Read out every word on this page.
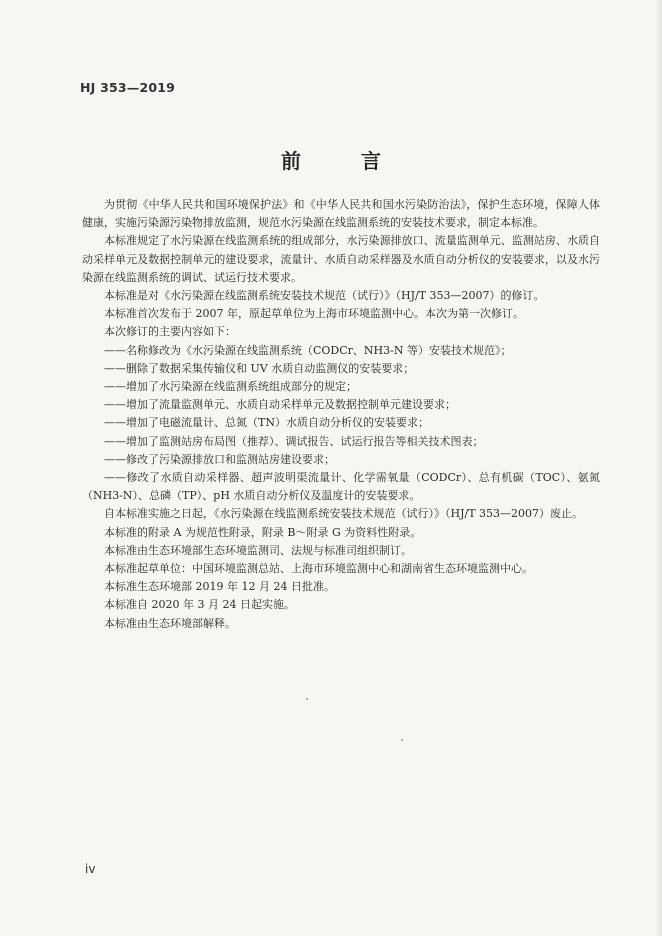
HJ 353—2019
前　言

为贯彻《中华人民共和国环境保护法》和《中华人民共和国水污染防治法》，保护生态环境，保障人体健康，实施污染源污染物排放监测，规范水污染源在线监测系统的安装技术要求，制定本标准。

本标准规定了水污染源在线监测系统的组成部分，水污染源排放口、流量监测单元、监测站房、水质自动采样单元及数据控制单元的建设要求，流量计、水质自动采样器及水质自动分析仪的安装要求，以及水污染源在线监测系统的调试、试运行技术要求。

本标准是对《水污染源在线监测系统安装技术规范（试行）》（HJ/T 353—2007）的修订。

本标准首次发布于 2007 年，原起草单位为上海市环境监测中心。本次为第一次修订。

本次修订的主要内容如下：

——名称修改为《水污染源在线监测系统（CODCr、NH3-N 等）安装技术规范》；

——删除了数据采集传输仪和 UV 水质自动监测仪的安装要求；

——增加了水污染源在线监测系统组成部分的规定；

——增加了流量监测单元、水质自动采样单元及数据控制单元建设要求；

——增加了电磁流量计、总氮（TN）水质自动分析仪的安装要求；

——增加了监测站房布局图（推荐）、调试报告、试运行报告等相关技术图表；

——修改了污染源排放口和监测站房建设要求；

——修改了水质自动采样器、超声波明渠流量计、化学需氧量（CODCr）、总有机碳（TOC）、氨氮（NH3-N）、总磷（TP）、pH 水质自动分析仪及温度计的安装要求。

自本标准实施之日起，《水污染源在线监测系统安装技术规范（试行）》（HJ/T 353—2007）废止。

本标准的附录 A 为规范性附录，附录 B～附录 G 为资料性附录。

本标准由生态环境部生态环境监测司、法规与标准司组织制订。

本标准起草单位：中国环境监测总站、上海市环境监测中心和湖南省生态环境监测中心。

本标准生态环境部 2019 年 12 月 24 日批准。

本标准自 2020 年 3 月 24 日起实施。

本标准由生态环境部解释。

iv
